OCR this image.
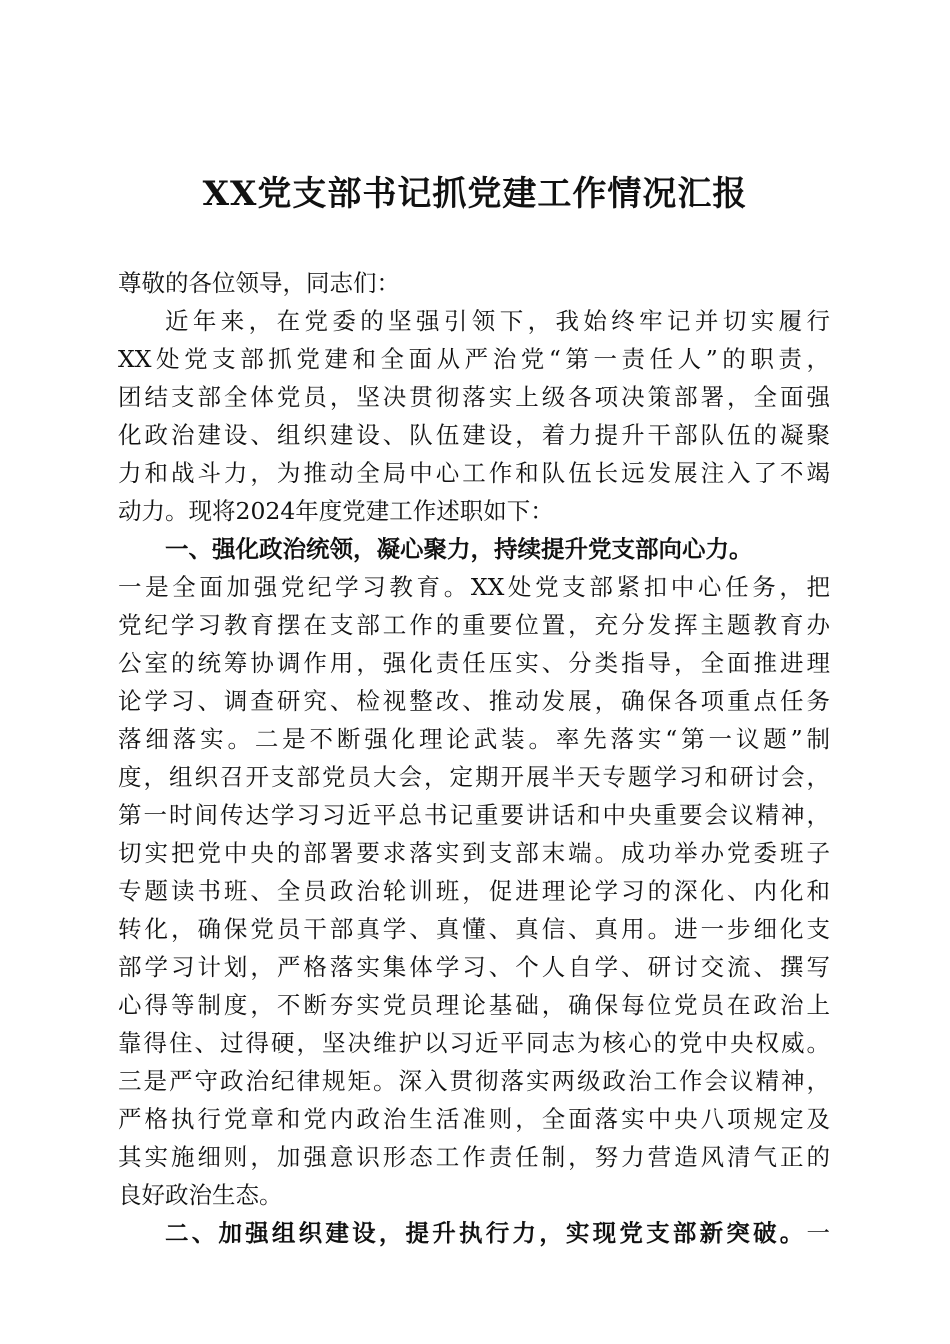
XX党支部书记抓党建工作情况汇报
尊敬的各位领导，同志们：
近年来，在党委的坚强引领下，我始终牢记并切实履行
XX处党支部抓党建和全面从严治党“第一责任人”的职责，
团结支部全体党员，坚决贯彻落实上级各项决策部署，全面强
化政治建设、组织建设、队伍建设，着力提升干部队伍的凝聚
力和战斗力，为推动全局中心工作和队伍长远发展注入了不竭
动力。现将2024年度党建工作述职如下：
一、强化政治统领，凝心聚力，持续提升党支部向心力。
一是全面加强党纪学习教育。XX处党支部紧扣中心任务，把
党纪学习教育摆在支部工作的重要位置，充分发挥主题教育办
公室的统筹协调作用，强化责任压实、分类指导，全面推进理
论学习、调查研究、检视整改、推动发展，确保各项重点任务
落细落实。二是不断强化理论武装。率先落实“第一议题”制
度，组织召开支部党员大会，定期开展半天专题学习和研讨会，
第一时间传达学习习近平总书记重要讲话和中央重要会议精神，
切实把党中央的部署要求落实到支部末端。成功举办党委班子
专题读书班、全员政治轮训班，促进理论学习的深化、内化和
转化，确保党员干部真学、真懂、真信、真用。进一步细化支
部学习计划，严格落实集体学习、个人自学、研讨交流、撰写
心得等制度，不断夯实党员理论基础，确保每位党员在政治上
靠得住、过得硬，坚决维护以习近平同志为核心的党中央权威。
三是严守政治纪律规矩。深入贯彻落实两级政治工作会议精神，
严格执行党章和党内政治生活准则，全面落实中央八项规定及
其实施细则，加强意识形态工作责任制，努力营造风清气正的
良好政治生态。
二、加强组织建设，提升执行力，实现党支部新突破。一
